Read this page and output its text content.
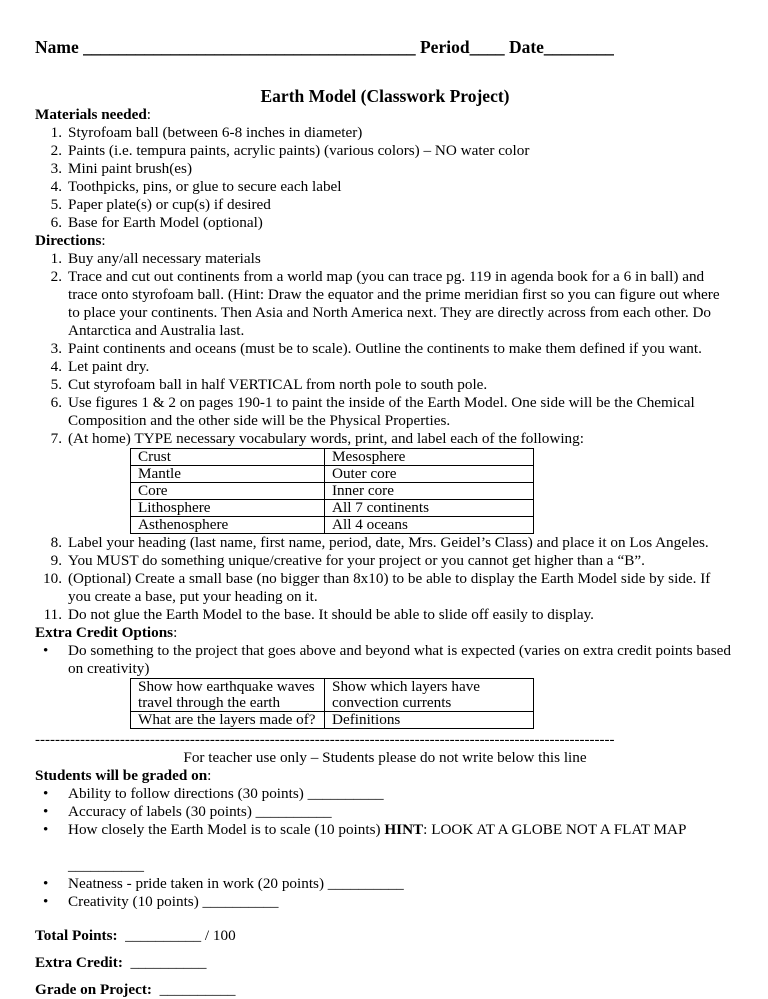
Name ______________________________________ Period____ Date________
Earth Model (Classwork Project)
Materials needed:
1. Styrofoam ball (between 6-8 inches in diameter)
2. Paints (i.e. tempura paints, acrylic paints) (various colors) – NO water color
3. Mini paint brush(es)
4. Toothpicks, pins, or glue to secure each label
5. Paper plate(s) or cup(s) if desired
6. Base for Earth Model (optional)
Directions:
1. Buy any/all necessary materials
2. Trace and cut out continents from a world map (you can trace pg. 119 in agenda book for a 6 in ball) and trace onto styrofoam ball. (Hint: Draw the equator and the prime meridian first so you can figure out where to place your continents. Then Asia and North America next. They are directly across from each other. Do Antarctica and Australia last.
3. Paint continents and oceans (must be to scale). Outline the continents to make them defined if you want.
4. Let paint dry.
5. Cut styrofoam ball in half VERTICAL from north pole to south pole.
6. Use figures 1 & 2 on pages 190-1 to paint the inside of the Earth Model. One side will be the Chemical Composition and the other side will be the Physical Properties.
7. (At home) TYPE necessary vocabulary words, print, and label each of the following:
Crust	Mesosphere
Mantle	Outer core
Core	Inner core
Lithosphere	All 7 continents
Asthenosphere	All 4 oceans
8. Label your heading (last name, first name, period, date, Mrs. Geidel’s Class) and place it on Los Angeles.
9. You MUST do something unique/creative for your project or you cannot get higher than a “B”.
10. (Optional) Create a small base (no bigger than 8x10) to be able to display the Earth Model side by side. If you create a base, put your heading on it.
11. Do not glue the Earth Model to the base. It should be able to slide off easily to display.
Extra Credit Options:
• Do something to the project that goes above and beyond what is expected (varies on extra credit points based on creativity)
Show how earthquake waves	Show which layers have
travel through the earth	convection currents
What are the layers made of?	Definitions
--------------------------------------------------------------------------------------------------------------------
For teacher use only – Students please do not write below this line
Students will be graded on:
• Ability to follow directions (30 points) __________
• Accuracy of labels (30 points) __________
• How closely the Earth Model is to scale (10 points) HINT: LOOK AT A GLOBE NOT A FLAT MAP

__________
• Neatness - pride taken in work (20 points) __________
• Creativity (10 points) __________
Total Points: __________ / 100
Extra Credit: __________
Grade on Project: __________
